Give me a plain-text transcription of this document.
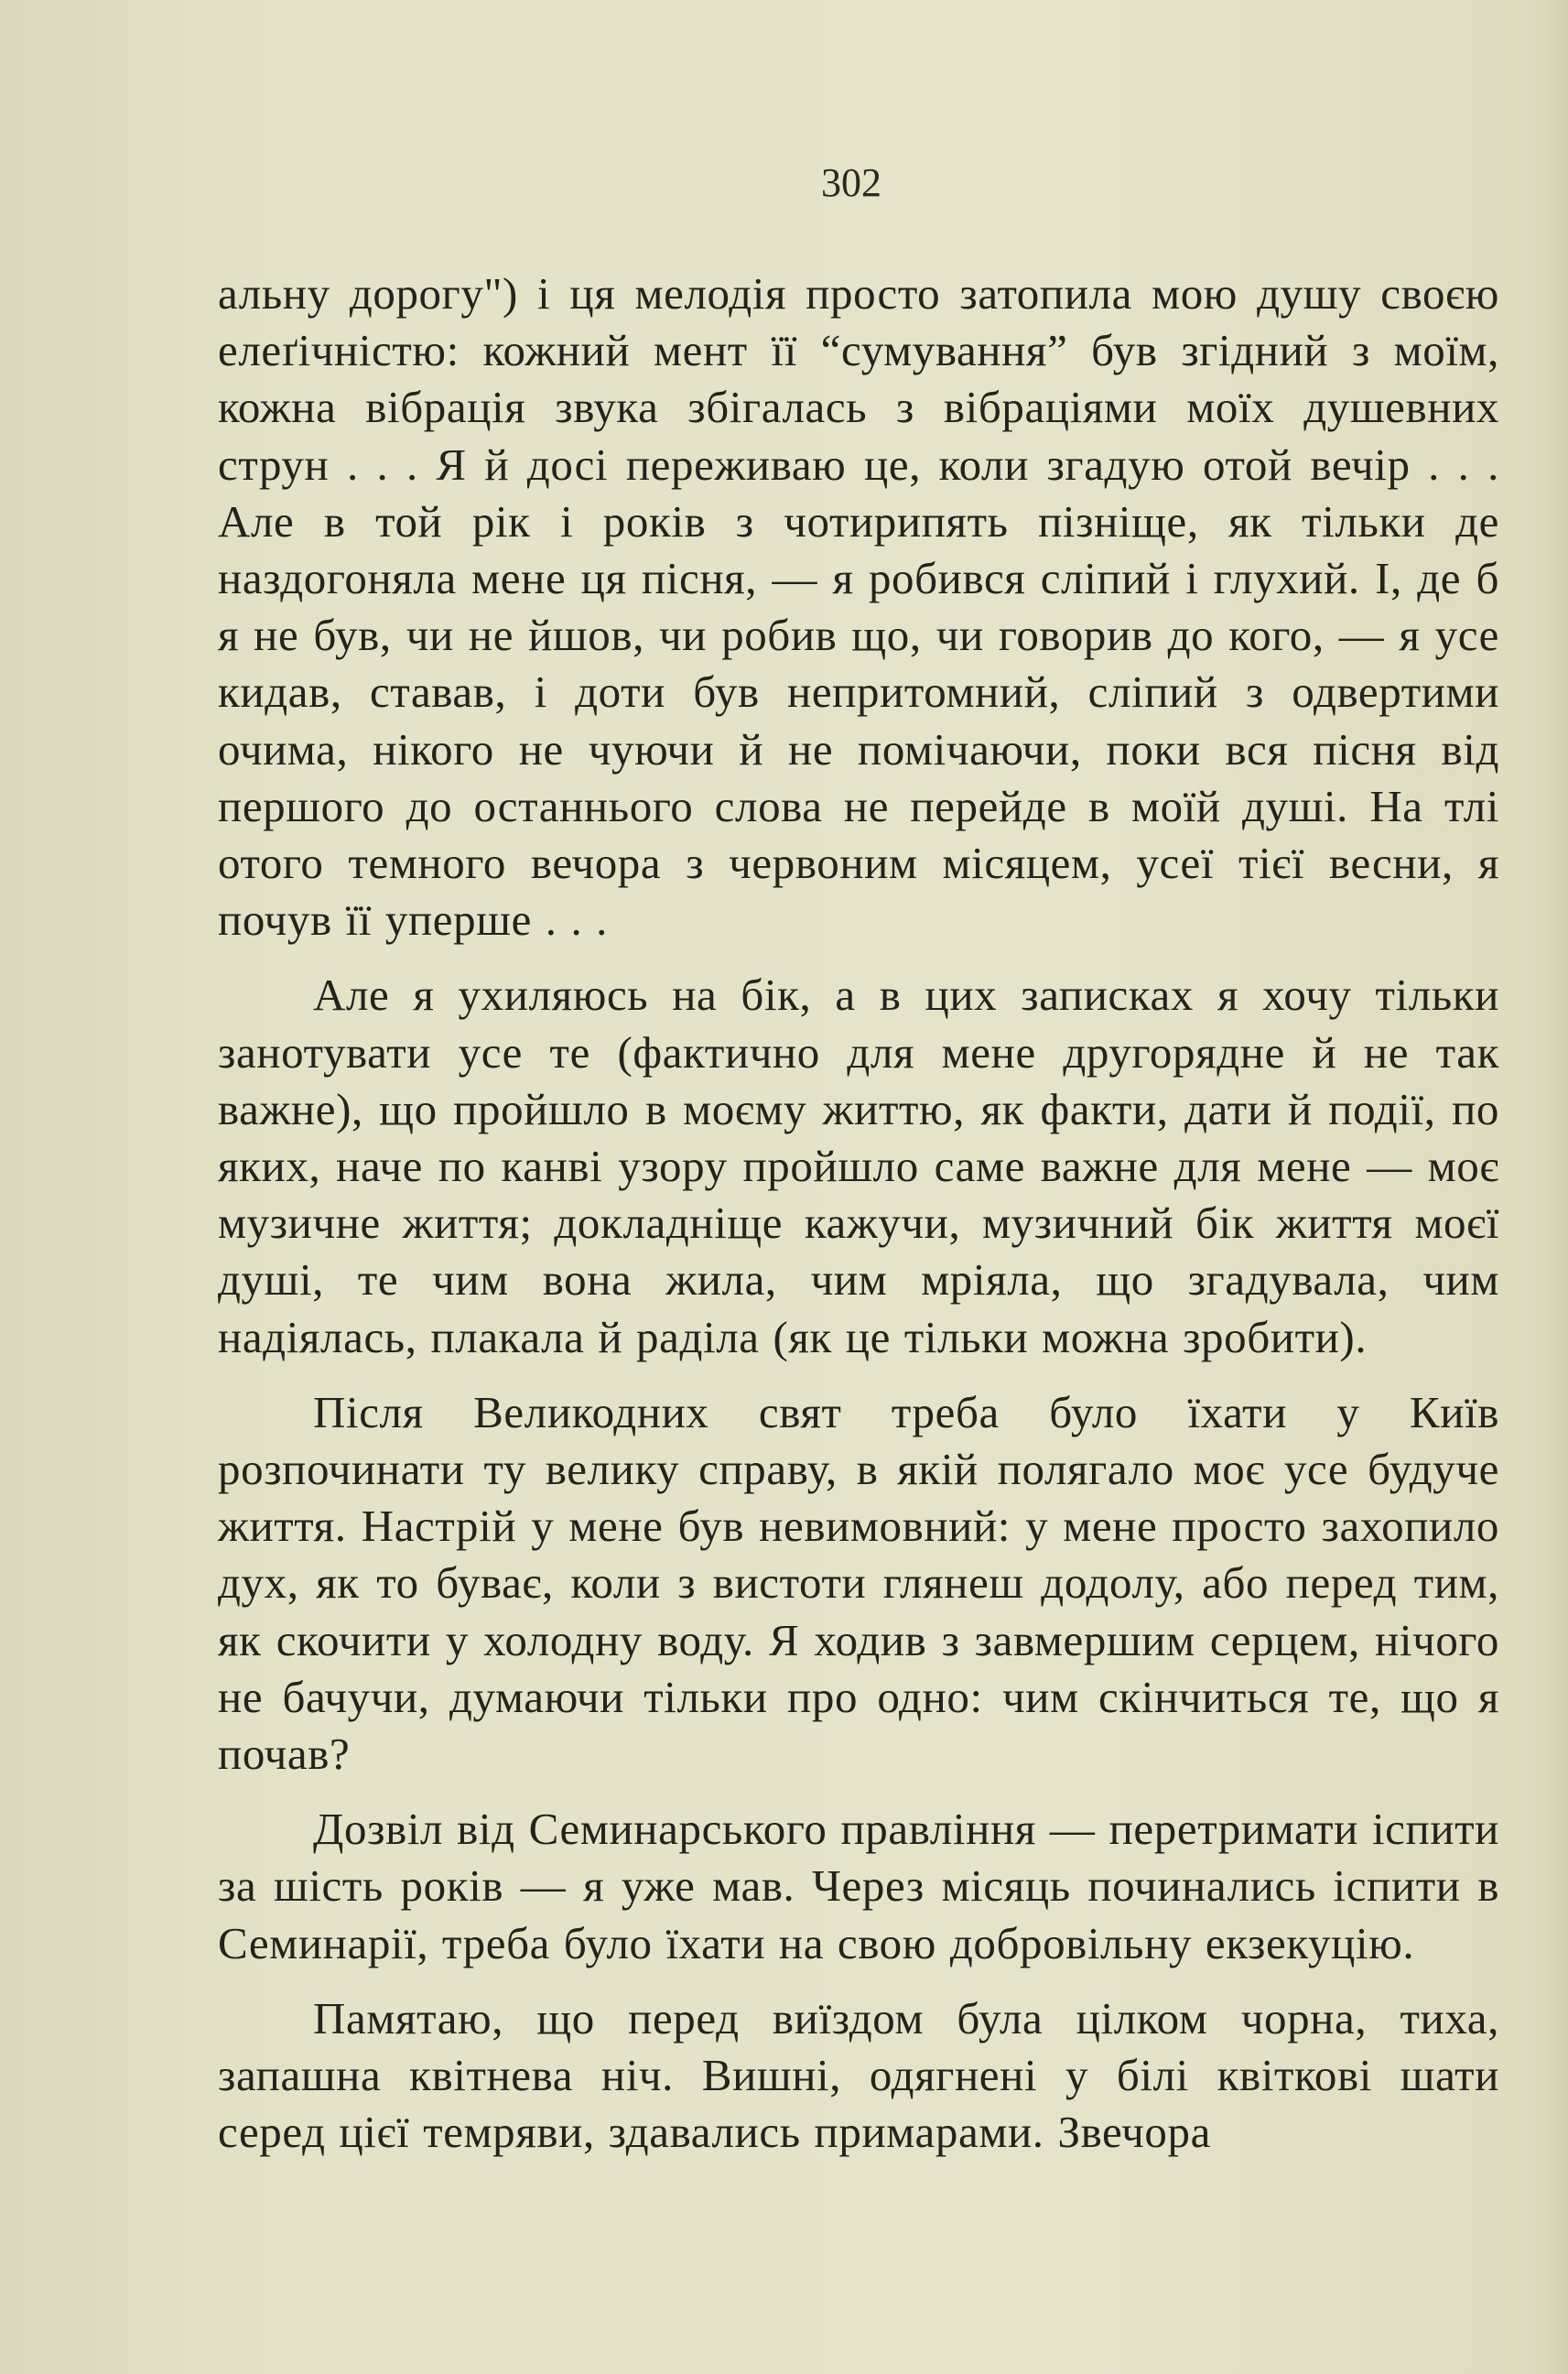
302

альну дорогу") і ця мелодія просто затопила мою душу своєю елеґічністю: кожний мент її “сумування” був згідний з моїм, кожна вібрація звука збігалась з вібраціями моїх душевних струн . . . Я й досі переживаю це, коли згадую отой вечір . . . Але в той рік і років з чотирипять пізніще, як тільки де наздогоняла мене ця пісня, — я робився сліпий і глухий. І, де б я не був, чи не йшов, чи робив що, чи говорив до кого, — я усе кидав, ставав, і доти був непритомний, сліпий з одвертими очима, нікого не чуючи й не помічаючи, поки вся пісня від першого до останнього слова не перейде в моїй душі. На тлі отого темного вечора з червоним місяцем, усеї тієї весни, я почув її уперше . . .

Але я ухиляюсь на бік, а в цих записках я хочу тільки занотувати усе те (фактично для мене другорядне й не так важне), що пройшло в моєму життю, як факти, дати й події, по яких, наче по канві узору пройшло саме важне для мене — моє музичне життя; докладніще кажучи, музичний бік життя моєї душі, те чим вона жила, чим мріяла, що згадувала, чим надіялась, плакала й раділа (як це тільки можна зробити).

Після Великодних свят треба було їхати у Київ розпочинати ту велику справу, в якій полягало моє усе будуче життя. Настрій у мене був невимовний: у мене просто захопило дух, як то буває, коли з вистоти глянеш додолу, або перед тим, як скочити у холодну воду. Я ходив з завмершим серцем, нічого не бачучи, думаючи тільки про одно: чим скінчиться те, що я почав?

Дозвіл від Семинарського правління — перетримати іспити за шість років — я уже мав. Через місяць починались іспити в Семинарії, треба було їхати на свою добровільну екзекуцію.

Памятаю, що перед виїздом була цілком чорна, тиха, запашна квітнева ніч. Вишні, одягнені у білі квіткові шати серед цієї темряви, здавались примарами. Звечора
